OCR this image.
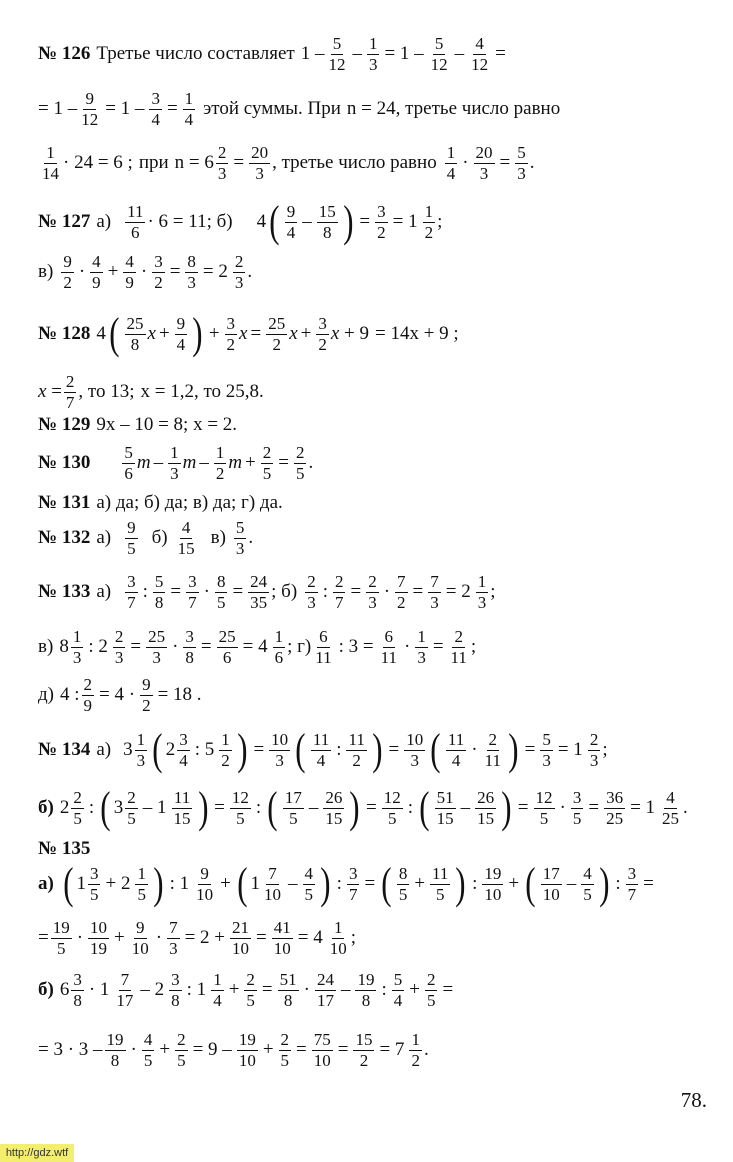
№ 126 Третье число составляет $1 - \frac{5}{12} - \frac{1}{3} = 1 - \frac{5}{12} - \frac{4}{12}$ =
= $1 - \frac{9}{12} = 1 - \frac{3}{4} = \frac{1}{4}$ этой суммы. При n = 24, третье число равно
$\frac{1}{14} \cdot 24 = 6$ ; при $n = 6 \frac{2}{3} = \frac{20}{3}$ , третье число равно $\frac{1}{4} \cdot \frac{20}{3} = \frac{5}{3}$ .
№ 127 $а) \frac{11}{6} \cdot 6 = 11$ ; б) 4 ( $\frac{9}{4} - \frac{15}{8}$ ) = $\frac{3}{2} = 1 \frac{1}{2}$ ;
$в) \frac{9}{2} \cdot \frac{4}{9} + \frac{4}{9} \cdot \frac{3}{2} = \frac{8}{3} = 2 \frac{2}{3}$ .
№ 128 4 ( $\frac{25}{8}$ $x + \frac{9}{4}$ ) + $\frac{3}{2}$ $x = \frac{25}{2}$ $x + \frac{3}{2}$ x + 9 = 14x + 9 ;
$x = \frac{2}{7}$ , то 13; x = 1,2, то 25,8.
№ 129 9x – 10 = 8; x = 2.
№ $130 \frac{5}{6}$ m – $\frac{1}{3}$ m – $\frac{1}{2}$ $m + \frac{2}{5} = \frac{2}{5}$ .
№ 131 а) да; б) да; в) да; г) да.
№ 132 $а) \frac{9}{5} б) \frac{4}{15} в) \frac{5}{3}$ .
№ 133 $а) \frac{3}{7}$ : $\frac{5}{8} = \frac{3}{7} \cdot \frac{8}{5} = \frac{24}{35}$ ; $б) \frac{2}{3}$ : $\frac{2}{7} = \frac{2}{3} \cdot \frac{7}{2} = \frac{7}{3} = 2 \frac{1}{3}$ ;
в) $8 \frac{1}{3}$ : $2 \frac{2}{3} = \frac{25}{3} \cdot \frac{3}{8} = \frac{25}{6} = 4 \frac{1}{6}$ ; $г) \frac{6}{11}$ : $3 = \frac{6}{11} \cdot \frac{1}{3} = \frac{2}{11}$ ;
д) 4 : $\frac{2}{9} = 4 \cdot \frac{9}{2} = 18$ .
№ 134 а) $3 \frac{1}{3}$ ( $2 \frac{3}{4}$ : $5 \frac{1}{2}$ ) = $\frac{10}{3}$ ( $\frac{11}{4}$ : $\frac{11}{2}$ ) = $\frac{10}{3}$ ( $\frac{11}{4} \cdot \frac{2}{11}$ ) = $\frac{5}{3} = 1 \frac{2}{3}$ ;
б) $2 \frac{2}{5}$ : ( $3 \frac{2}{5} - 1 \frac{11}{15}$ ) = $\frac{12}{5}$ : ( $\frac{17}{5} - \frac{26}{15}$ ) = $\frac{12}{5}$ : ( $\frac{51}{15} - \frac{26}{15}$ ) = $\frac{12}{5} \cdot \frac{3}{5} = \frac{36}{25} = 1 \frac{4}{25}$ .
№ 135
а) ( $1 \frac{3}{5} + 2 \frac{1}{5}$ ) : $1 \frac{9}{10}$ + ( $1 \frac{7}{10} - \frac{4}{5}$ ) : $\frac{3}{7}$ = ( $\frac{8}{5} + \frac{11}{5}$ ) : $\frac{19}{10}$ + ( $\frac{17}{10} - \frac{4}{5}$ ) : $\frac{3}{7}$ =
= $\frac{19}{5} \cdot \frac{10}{19} + \frac{9}{10} \cdot \frac{7}{3} = 2 + \frac{21}{10} = \frac{41}{10} = 4 \frac{1}{10}$ ;
б) $6 \frac{3}{8} \cdot 1 \frac{7}{17} - 2 \frac{3}{8}$ : $1 \frac{1}{4} + \frac{2}{5} = \frac{51}{8} \cdot \frac{24}{17} - \frac{19}{8}$ : $\frac{5}{4} + \frac{2}{5}$ =
= $3 \cdot 3 - \frac{19}{8} \cdot \frac{4}{5} + \frac{2}{5} = 9 - \frac{19}{10} + \frac{2}{5} = \frac{75}{10} = \frac{15}{2} = 7 \frac{1}{2}$ .
78.
http://gdz.wtf
